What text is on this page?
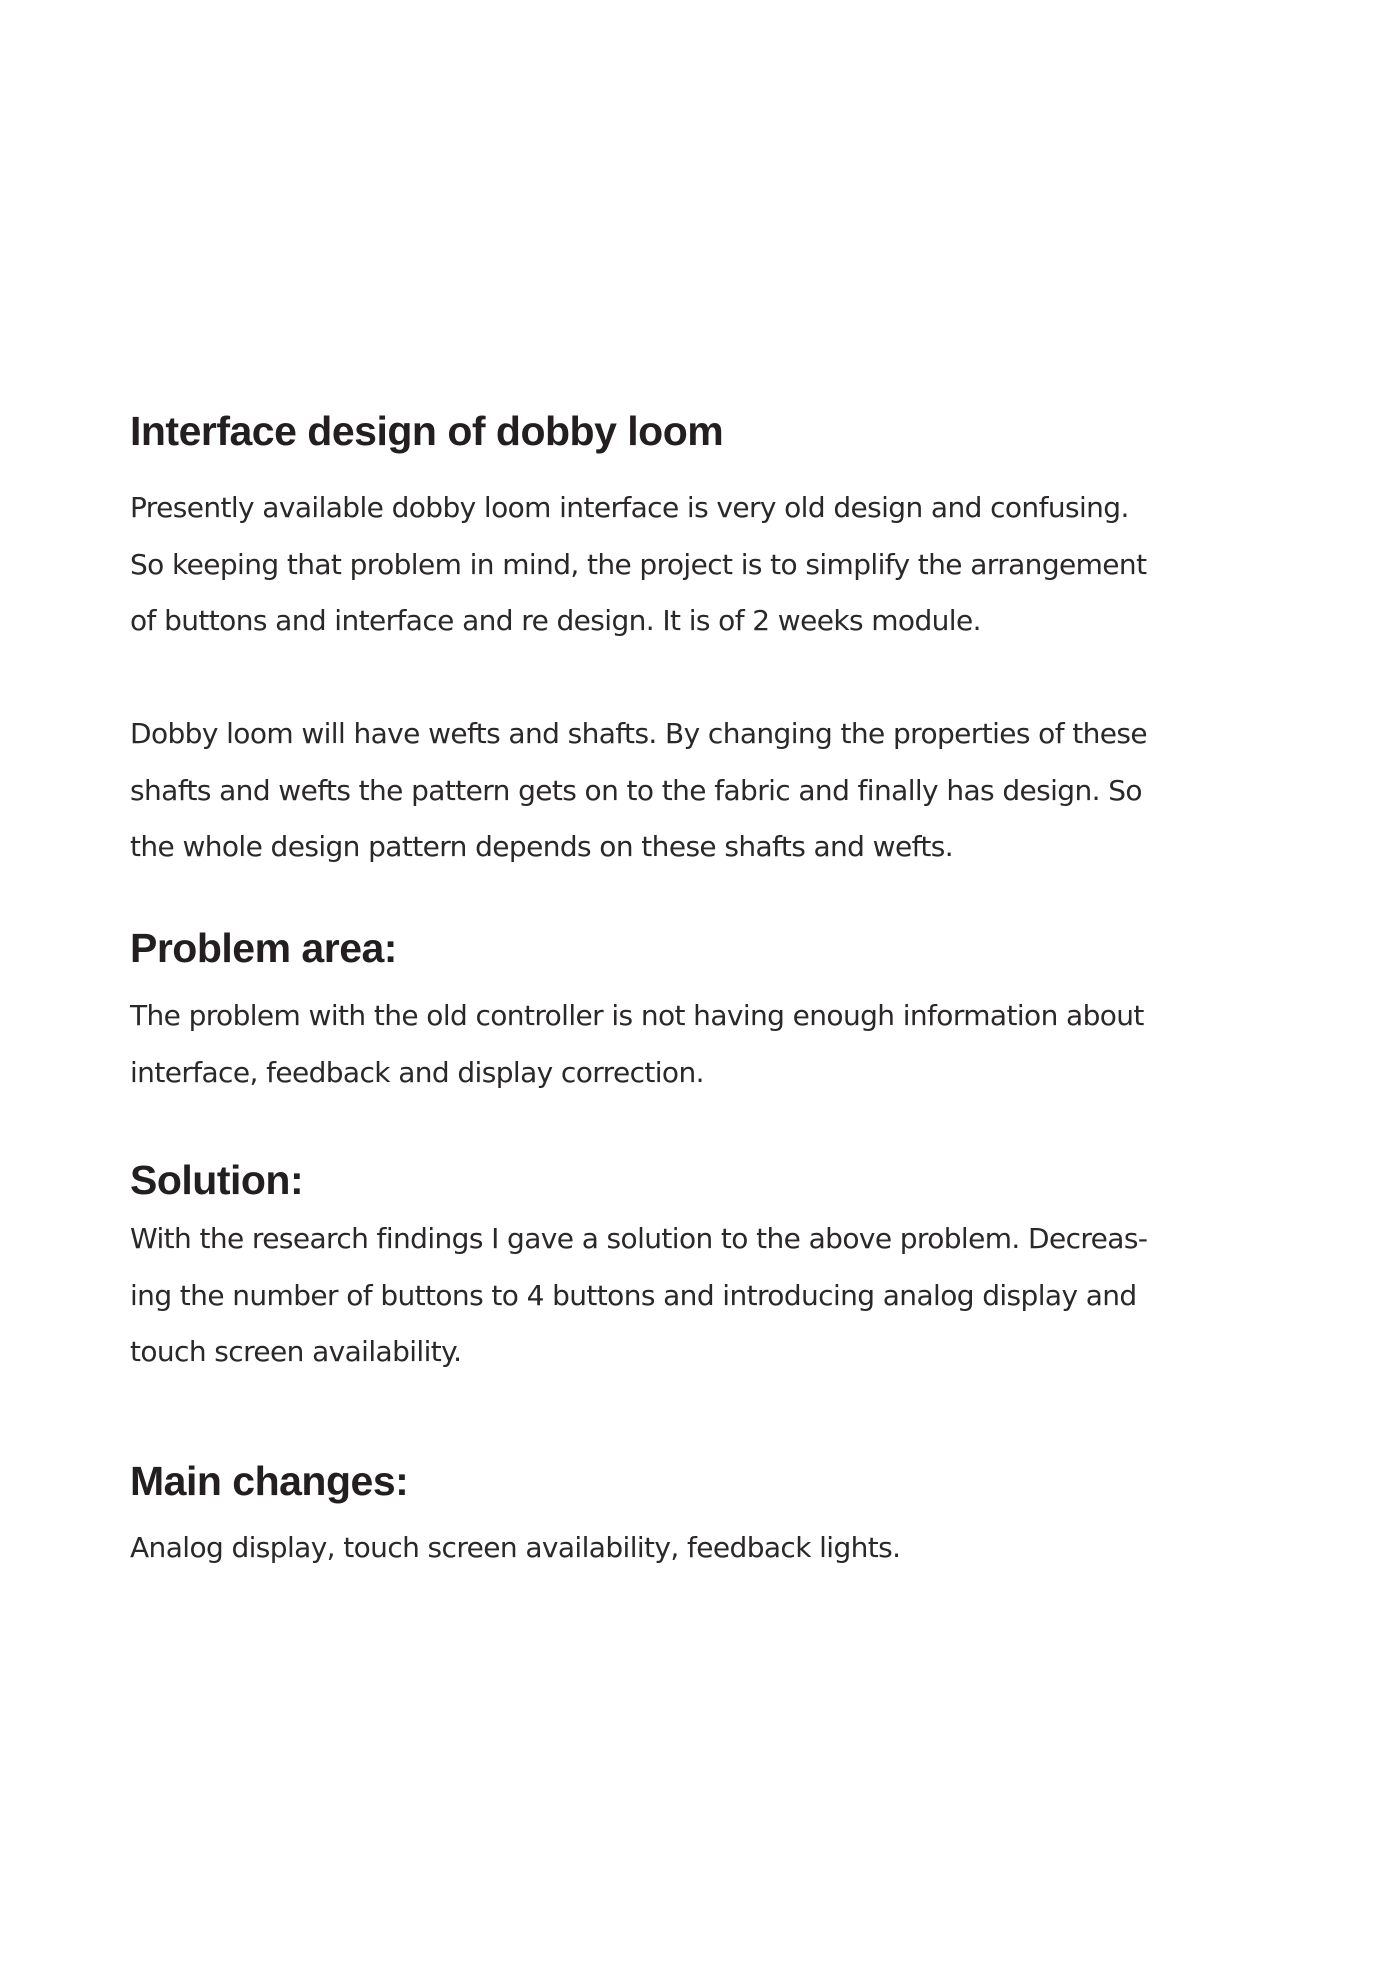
Interface design of dobby loom

Presently available dobby loom interface is very old design and confusing.
So keeping that problem in mind, the project is to simplify the arrangement
of buttons and interface and re design. It is of 2 weeks module.

Dobby loom will have wefts and shafts. By changing the properties of these
shafts and wefts the pattern gets on to the fabric and finally has design. So
the whole design pattern depends on these shafts and wefts.

Problem area:

The problem with the old controller is not having enough information about
interface, feedback and display correction.

Solution:

With the research findings I gave a solution to the above problem. Decreas-
ing the number of buttons to 4 buttons and introducing analog display and
touch screen availability.

Main changes:

Analog display, touch screen availability, feedback lights.
